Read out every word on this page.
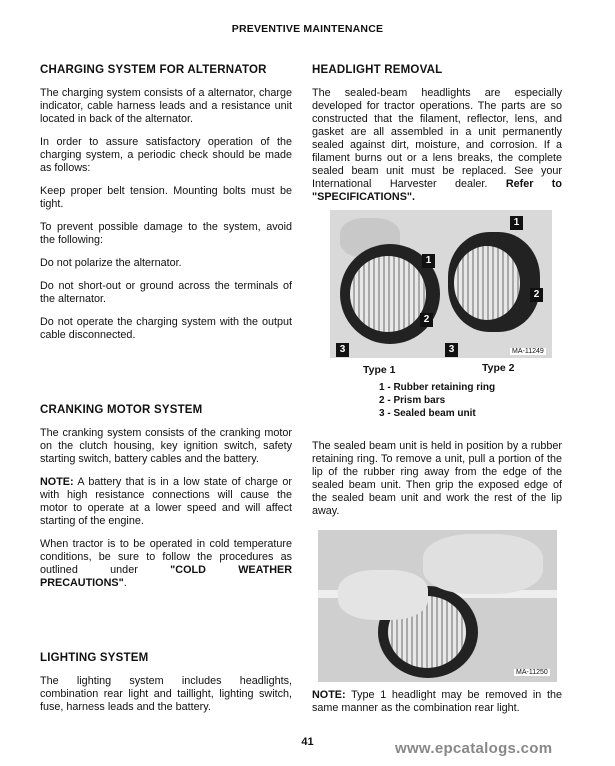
PREVENTIVE MAINTENANCE
CHARGING SYSTEM FOR ALTERNATOR

The charging system consists of a alternator, charge indicator, cable harness leads and a resistance unit located in back of the alternator.

In order to assure satisfactory operation of the charging system, a periodic check should be made as follows:

Keep proper belt tension. Mounting bolts must be tight.

To prevent possible damage to the system, avoid the following:

Do not polarize the alternator.

Do not short-out or ground across the terminals of the alternator.

Do not operate the charging system with the output cable disconnected.

CRANKING MOTOR SYSTEM

The cranking system consists of the cranking motor on the clutch housing, key ignition switch, safety starting switch, battery cables and the battery.

NOTE: A battery that is in a low state of charge or with high resistance connections will cause the motor to operate at a lower speed and will affect starting of the engine.

When tractor is to be operated in cold temperature conditions, be sure to follow the procedures as outlined under "COLD WEATHER PRECAUTIONS".

LIGHTING SYSTEM

The lighting system includes headlights, combination rear light and taillight, lighting switch, fuse, harness leads and the battery.

HEADLIGHT REMOVAL

The sealed-beam headlights are especially developed for tractor operations. The parts are so constructed that the filament, reflector, lens, and gasket are all assembled in a unit permanently sealed against dirt, moisture, and corrosion. If a filament burns out or a lens breaks, the complete sealed beam unit must be replaced. See your International Harvester dealer. Refer to "SPECIFICATIONS".

1
2
3	3
1
2
MA-11249
Type 1	Type 2
1 - Rubber retaining ring
2 - Prism bars
3 - Sealed beam unit

The sealed beam unit is held in position by a rubber retaining ring. To remove a unit, pull a portion of the lip of the rubber ring away from the edge of the sealed beam unit. Then grip the exposed edge of the sealed beam unit and work the rest of the lip away.

MA-11250

NOTE: Type 1 headlight may be removed in the same manner as the combination rear light.

41	www.epcatalogs.com
